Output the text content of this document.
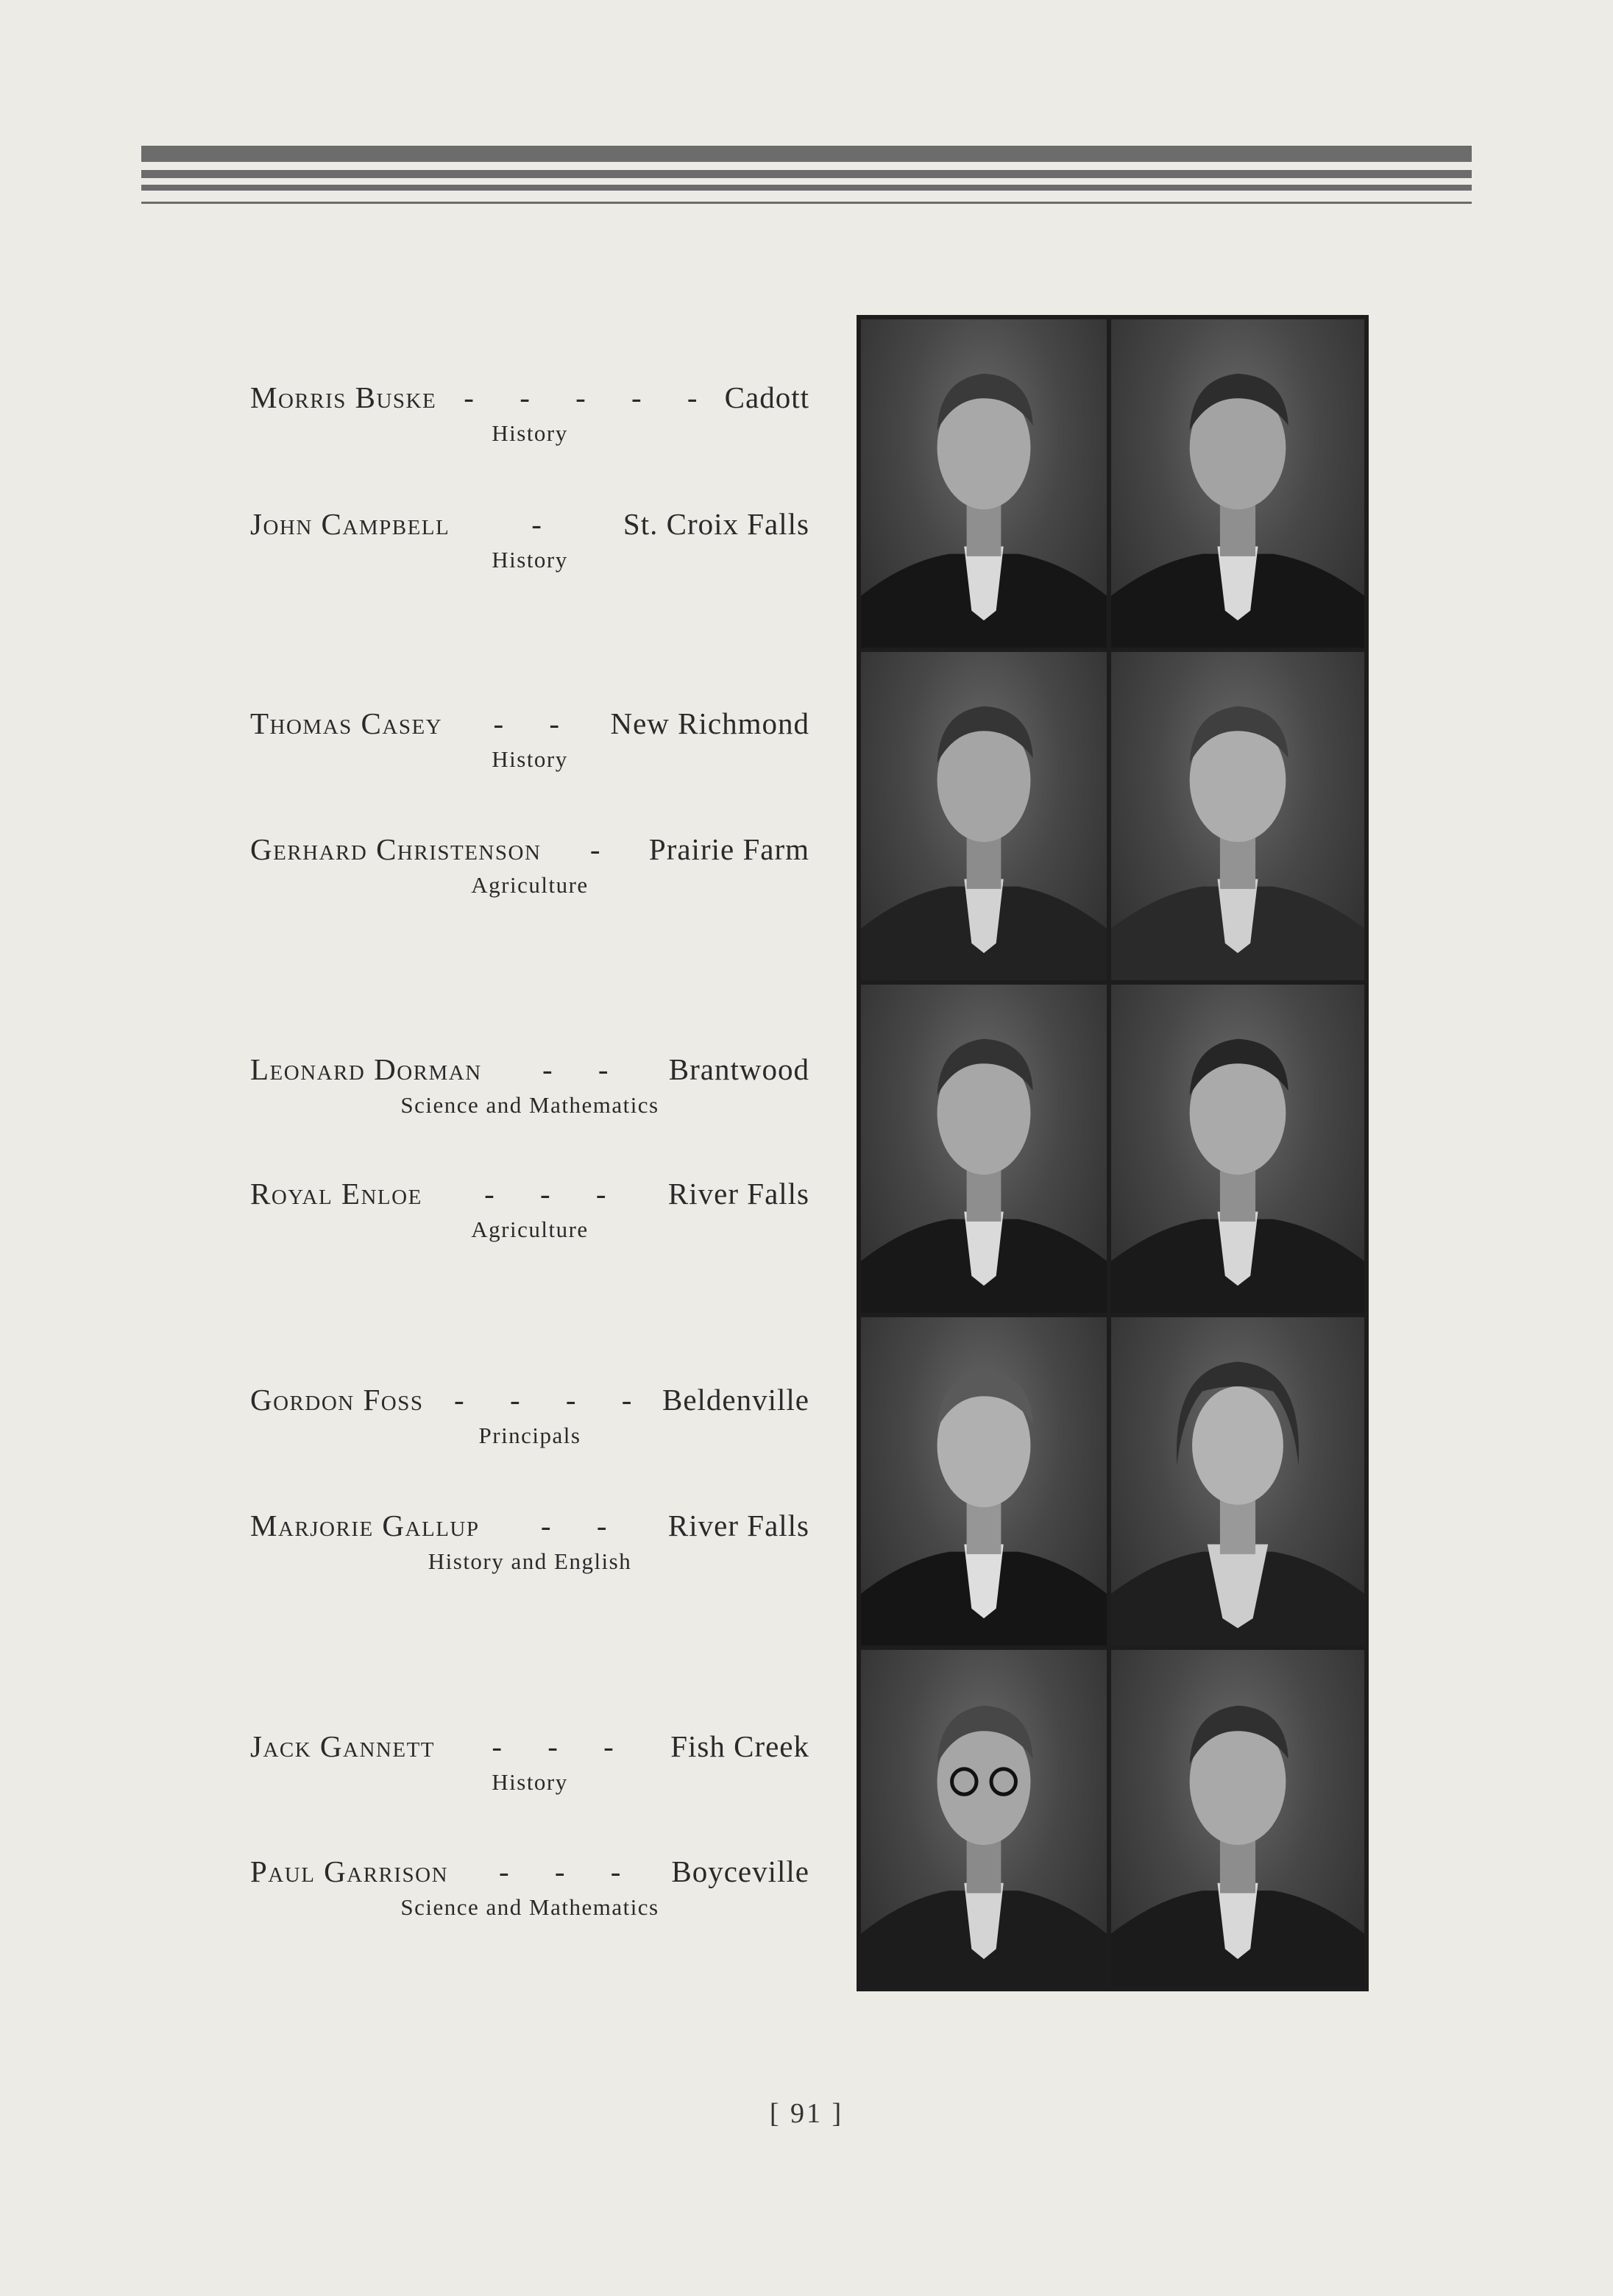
Morris Buske - - - - - Cadott
History
John Campbell	-	St. Croix Falls
History
Thomas Casey	- -	New Richmond
History
Gerhard Christenson	- Prairie Farm
Agriculture
Leonard Dorman	- -	Brantwood
Science and Mathematics
Royal Enloe	- - -	River Falls
Agriculture
Gordon Foss	- - - - Beldenville
Principals
Marjorie Gallup	- -	River Falls
History and English
Jack Gannett	- - -	Fish Creek
History
Paul Garrison	- - -	Boyceville
Science and Mathematics
[ 91 ]
